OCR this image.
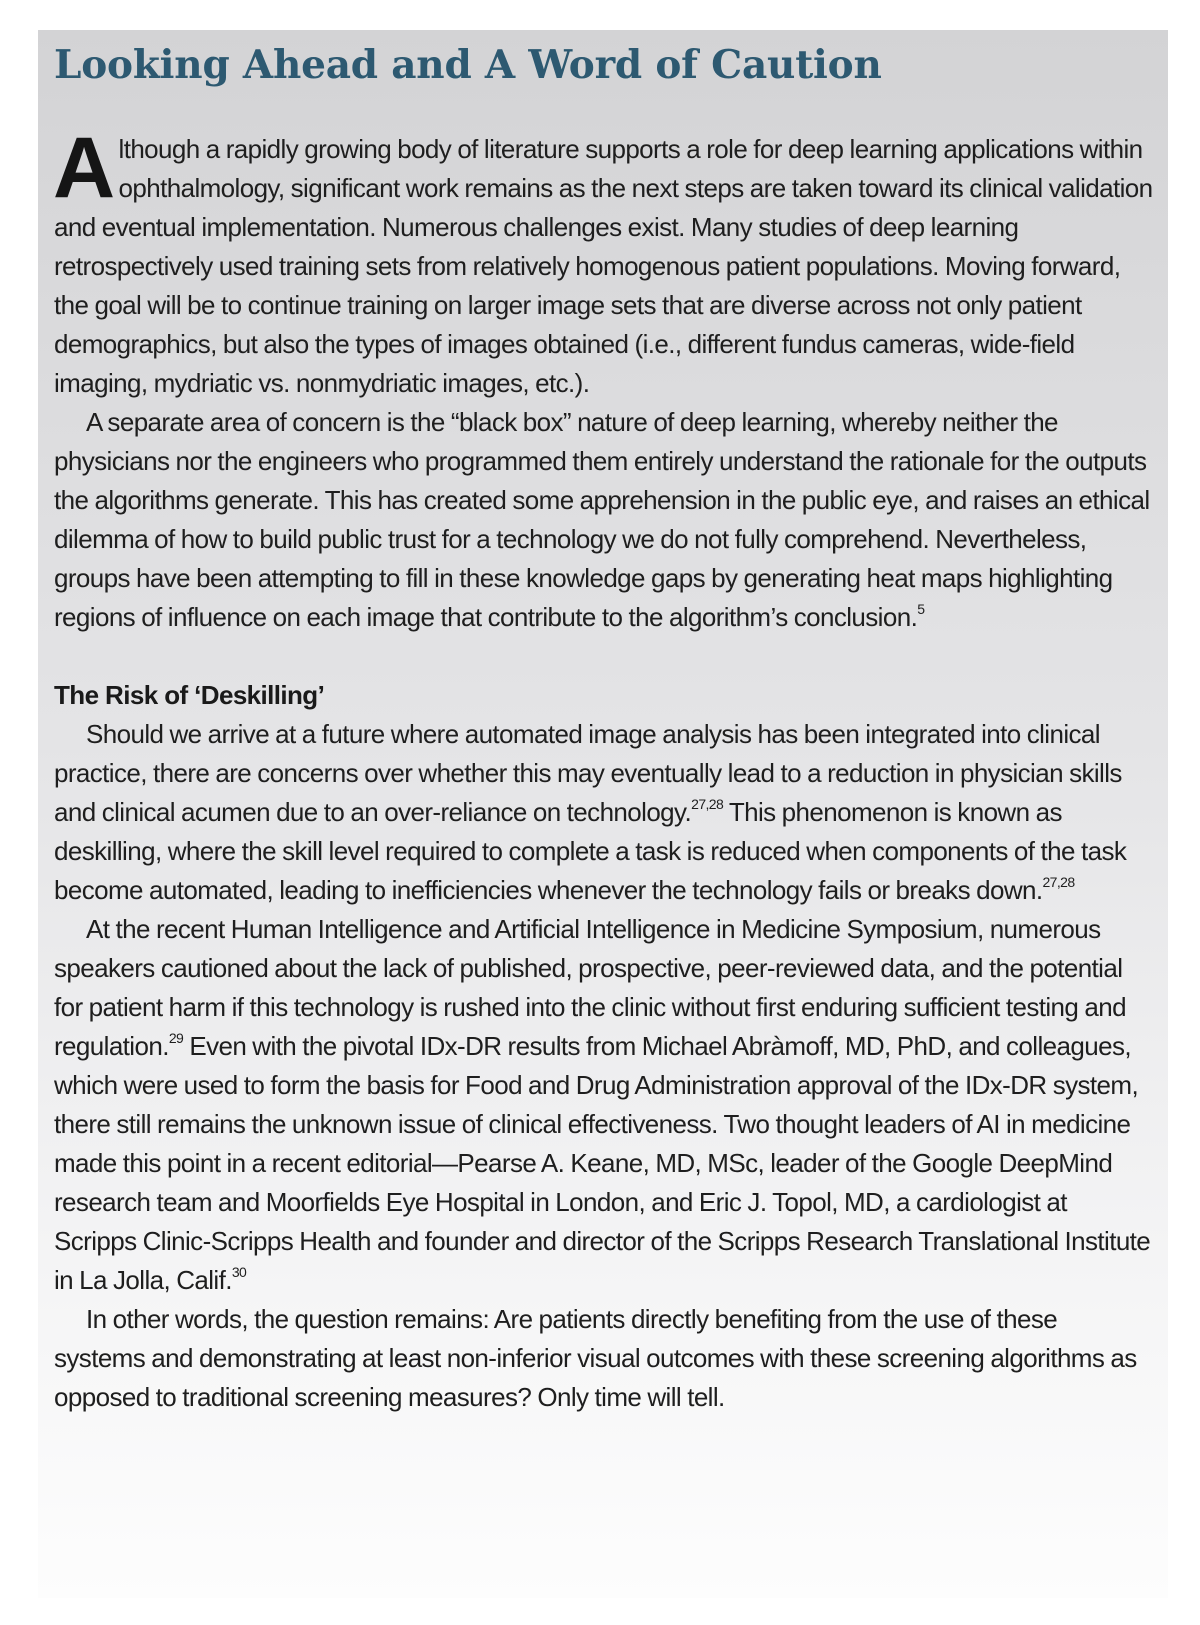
Looking Ahead and A Word of Caution

Although a rapidly growing body of literature supports a role for deep learning applications within ophthalmology, significant work remains as the next steps are taken toward its clinical validation and eventual implementation. Numerous challenges exist. Many studies of deep learning retrospectively used training sets from relatively homogenous patient populations. Moving forward, the goal will be to continue training on larger image sets that are diverse across not only patient demographics, but also the types of images obtained (i.e., different fundus cameras, wide-field imaging, mydriatic vs. nonmydriatic images, etc.).

A separate area of concern is the “black box” nature of deep learning, whereby neither the physicians nor the engineers who programmed them entirely understand the rationale for the outputs the algorithms generate. This has created some apprehension in the public eye, and raises an ethical dilemma of how to build public trust for a technology we do not fully comprehend. Nevertheless, groups have been attempting to fill in these knowledge gaps by generating heat maps highlighting regions of influence on each image that contribute to the algorithm’s conclusion.$^5$

The Risk of ‘Deskilling’

Should we arrive at a future where automated image analysis has been integrated into clinical practice, there are concerns over whether this may eventually lead to a reduction in physician skills and clinical acumen due to an over-reliance on technology.$^{27,28}$ This phenomenon is known as deskilling, where the skill level required to complete a task is reduced when components of the task become automated, leading to inefficiencies whenever the technology fails or breaks down.$^{27,28}$

At the recent Human Intelligence and Artificial Intelligence in Medicine Symposium, numerous speakers cautioned about the lack of published, prospective, peer-reviewed data, and the potential for patient harm if this technology is rushed into the clinic without first enduring sufficient testing and regulation.$^{29}$ Even with the pivotal IDx-DR results from Michael Abràmoff, MD, PhD, and colleagues, which were used to form the basis for Food and Drug Administration approval of the IDx-DR system, there still remains the unknown issue of clinical effectiveness. Two thought leaders of AI in medicine made this point in a recent editorial—Pearse A. Keane, MD, MSc, leader of the Google DeepMind research team and Moorfields Eye Hospital in London, and Eric J. Topol, MD, a cardiologist at Scripps Clinic-Scripps Health and founder and director of the Scripps Research Translational Institute in La Jolla, Calif.$^{30}$

In other words, the question remains: Are patients directly benefiting from the use of these systems and demonstrating at least non-inferior visual outcomes with these screening algorithms as opposed to traditional screening measures? Only time will tell.
